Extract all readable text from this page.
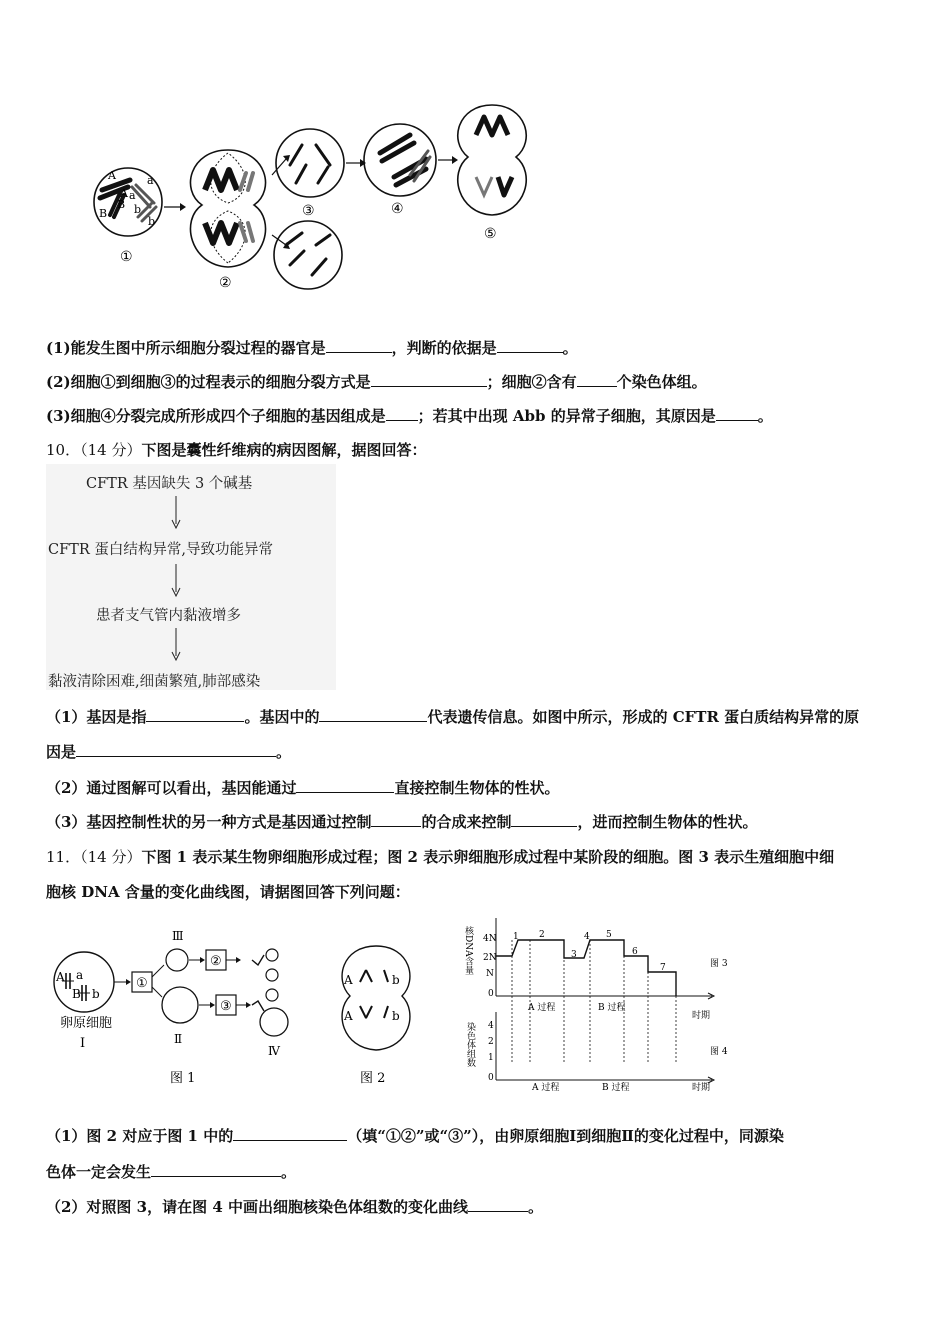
A
A
a
a
B
B b
b
①
②
③	④
⑤
(1)能发生图中所示细胞分裂过程的器官是	，判断的依据是	。
(2)细胞①到细胞③的过程表示的细胞分裂方式是	；细胞②含有	个染色体组。
(3)细胞④分裂完成所形成四个子细胞的基因组成是 ；若其中出现 Abb 的异常子细胞，其原因是	。
10．（14 分）下图是囊性纤维病的病因图解，据图回答：
CFTR 基因缺失 3 个碱基
CFTR 蛋白结构异常,导致功能异常
患者支气管内黏液增多
黏液清除困难,细菌繁殖,肺部感染
（1）基因是指	。基因中的	代表遗传信息。如图中所示，形成的 CFTR 蛋白质结构异常的原
因是	。
（2）通过图解可以看出，基因能通过	直接控制生物体的性状。
（3）基因控制性状的另一种方式是基因通过控制	的合成来控制	，进而控制生物体的性状。
11．（14 分）下图 1 表示某生物卵细胞形成过程；图 2 表示卵细胞形成过程中某阶段的细胞。图 3 表示生殖细胞中细
胞核 DNA 含量的变化曲线图，请据图回答下列问题：
A a
B b
卵原细胞
Ⅰ
①
Ⅲ
Ⅱ
②
③
Ⅳ
图 1
A	b
A	b
图 2
核DNA含量 4N
2N
N
0
1 2
3
4 5
6
7
A 过程	B 过程
时期
图 3
染色体组数 4
2
1
0
A 过程	B 过程	时期
图 4
（1）图 2 对应于图 1 中的	（填“①②”或“③”），由卵原细胞Ⅰ到细胞Ⅱ的变化过程中，同源染
色体一定会发生	。
（2）对照图 3，请在图 4 中画出细胞核染色体组数的变化曲线	。
